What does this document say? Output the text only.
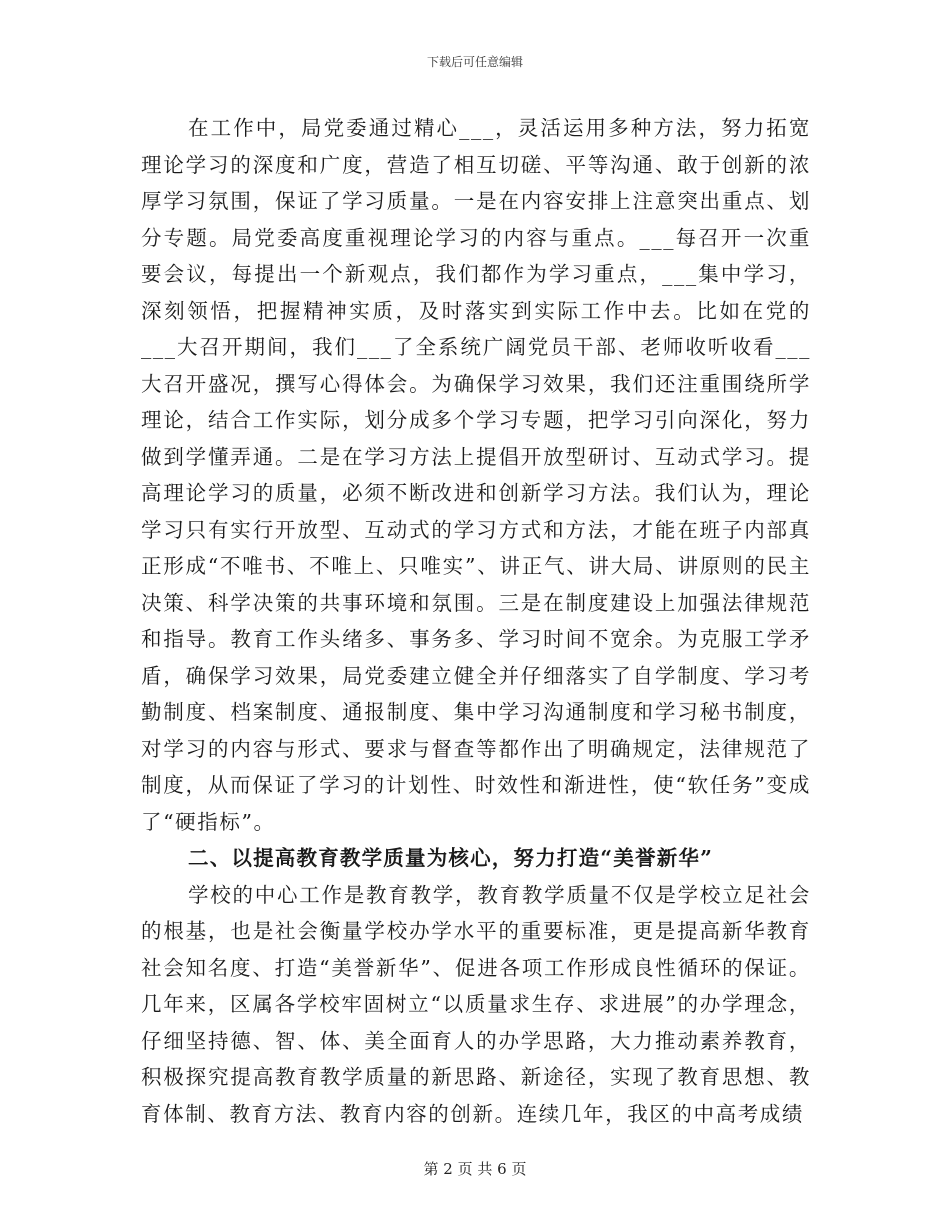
下载后可任意编辑

在工作中，局党委通过精心___，灵活运用多种方法，努力拓宽理论学习的深度和广度，营造了相互切磋、平等沟通、敢于创新的浓厚学习氛围，保证了学习质量。一是在内容安排上注意突出重点、划分专题。局党委高度重视理论学习的内容与重点。___每召开一次重要会议，每提出一个新观点，我们都作为学习重点，___集中学习，深刻领悟，把握精神实质，及时落实到实际工作中去。比如在党的___大召开期间，我们___了全系统广阔党员干部、老师收听收看___大召开盛况，撰写心得体会。为确保学习效果，我们还注重围绕所学理论，结合工作实际，划分成多个学习专题，把学习引向深化，努力做到学懂弄通。二是在学习方法上提倡开放型研讨、互动式学习。提高理论学习的质量，必须不断改进和创新学习方法。我们认为，理论学习只有实行开放型、互动式的学习方式和方法，才能在班子内部真正形成“不唯书、不唯上、只唯实”、讲正气、讲大局、讲原则的民主决策、科学决策的共事环境和氛围。三是在制度建设上加强法律规范和指导。教育工作头绪多、事务多、学习时间不宽余。为克服工学矛盾，确保学习效果，局党委建立健全并仔细落实了自学制度、学习考勤制度、档案制度、通报制度、集中学习沟通制度和学习秘书制度，对学习的内容与形式、要求与督查等都作出了明确规定，法律规范了制度，从而保证了学习的计划性、时效性和渐进性，使“软任务”变成了“硬指标”。

二、以提高教育教学质量为核心，努力打造“美誉新华”

学校的中心工作是教育教学，教育教学质量不仅是学校立足社会的根基，也是社会衡量学校办学水平的重要标准，更是提高新华教育社会知名度、打造“美誉新华”、促进各项工作形成良性循环的保证。几年来，区属各学校牢固树立“以质量求生存、求进展”的办学理念，仔细坚持德、智、体、美全面育人的办学思路，大力推动素养教育，积极探究提高教育教学质量的新思路、新途径，实现了教育思想、教育体制、教育方法、教育内容的创新。连续几年，我区的中高考成绩

第 2 页 共 6 页
